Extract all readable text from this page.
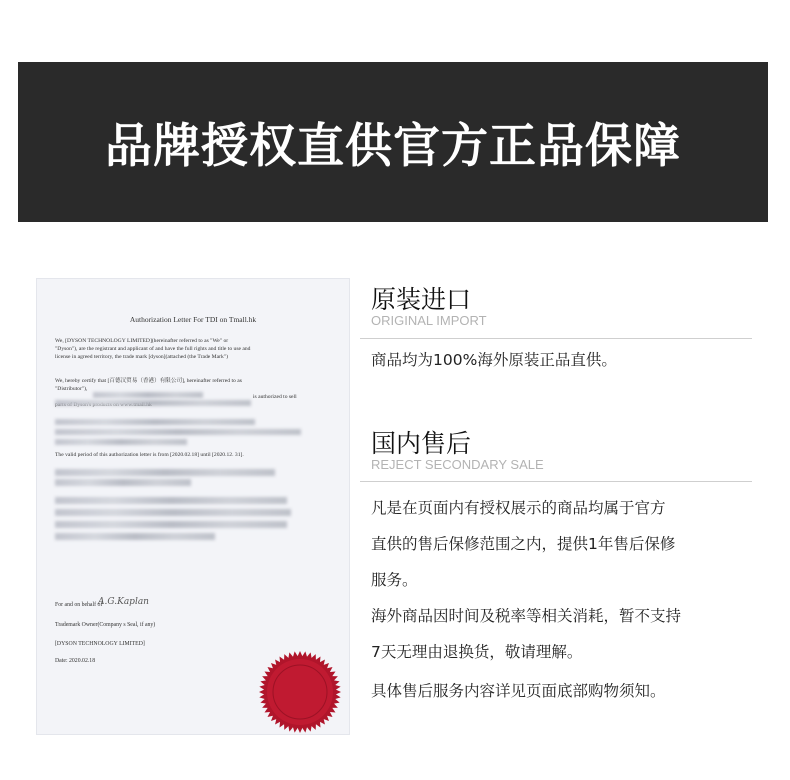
品牌授权直供官方正品保障
Authorization Letter For TDI on Tmall.hk
We, [DYSON TECHNOLOGY LIMITED](hereinafter referred to as "We" or
"Dyson"), are the registrant and applicant of and have the full rights and title to use and
license in agreed territory, the trade mark [dyson](attached (the Trade Mark")
We, hereby certify that [百德汉贸易（香港）有限公司], hereinafter referred to as
"Distributor"),
is authorized to sell
The valid period of this authorization letter is from [2020.02.18] until [2020.12. 31].
For and on behalf of
Trademark Owner(Company s Seal, if any)
[DYSON TECHNOLOGY LIMITED]
Date: 2020.02.18
A.G.Kaplan
原装进口
ORIGINAL IMPORT
商品均为100%海外原装正品直供。
国内售后
REJECT SECONDARY SALE
凡是在页面内有授权展示的商品均属于官方
直供的售后保修范围之内，提供1年售后保修
服务。
海外商品因时间及税率等相关消耗，暂不支持
7天无理由退换货，敬请理解。
具体售后服务内容详见页面底部购物须知。
